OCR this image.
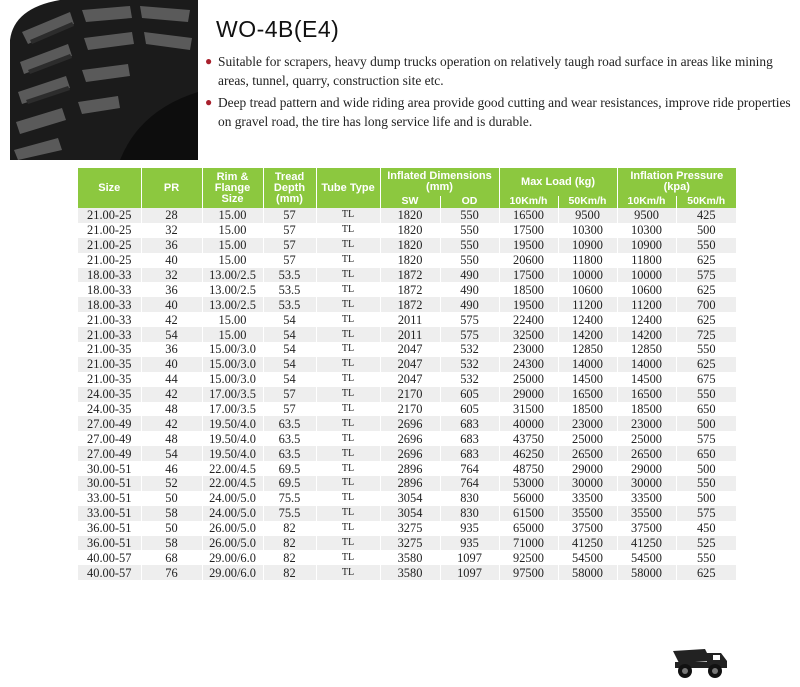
WO-4B(E4)
● Suitable for scrapers, heavy dump trucks operation on relatively taugh road surface in areas like mining areas, tunnel, quarry, construction site etc.
● Deep tread pattern and wide riding area provide good cutting and wear resistances, improve ride properties on gravel road, the tire has long service life and is durable.
Size	PR	Rim & Flange Size	Tread Depth (mm)	Tube Type	Inflated Dimensions (mm)		Max Load (kg)		Inflation Pressure (kpa)	
					SW	OD	10Km/h	50Km/h	10Km/h	50Km/h
21.00-25	28	15.00	57	TL	1820	550	16500	9500	9500	425
21.00-25	32	15.00	57	TL	1820	550	17500	10300	10300	500
21.00-25	36	15.00	57	TL	1820	550	19500	10900	10900	550
21.00-25	40	15.00	57	TL	1820	550	20600	11800	11800	625
18.00-33	32	13.00/2.5	53.5	TL	1872	490	17500	10000	10000	575
18.00-33	36	13.00/2.5	53.5	TL	1872	490	18500	10600	10600	625
18.00-33	40	13.00/2.5	53.5	TL	1872	490	19500	11200	11200	700
21.00-33	42	15.00	54	TL	2011	575	22400	12400	12400	625
21.00-33	54	15.00	54	TL	2011	575	32500	14200	14200	725
21.00-35	36	15.00/3.0	54	TL	2047	532	23000	12850	12850	550
21.00-35	40	15.00/3.0	54	TL	2047	532	24300	14000	14000	625
21.00-35	44	15.00/3.0	54	TL	2047	532	25000	14500	14500	675
24.00-35	42	17.00/3.5	57	TL	2170	605	29000	16500	16500	550
24.00-35	48	17.00/3.5	57	TL	2170	605	31500	18500	18500	650
27.00-49	42	19.50/4.0	63.5	TL	2696	683	40000	23000	23000	500
27.00-49	48	19.50/4.0	63.5	TL	2696	683	43750	25000	25000	575
27.00-49	54	19.50/4.0	63.5	TL	2696	683	46250	26500	26500	650
30.00-51	46	22.00/4.5	69.5	TL	2896	764	48750	29000	29000	500
30.00-51	52	22.00/4.5	69.5	TL	2896	764	53000	30000	30000	550
33.00-51	50	24.00/5.0	75.5	TL	3054	830	56000	33500	33500	500
33.00-51	58	24.00/5.0	75.5	TL	3054	830	61500	35500	35500	575
36.00-51	50	26.00/5.0	82	TL	3275	935	65000	37500	37500	450
36.00-51	58	26.00/5.0	82	TL	3275	935	71000	41250	41250	525
40.00-57	68	29.00/6.0	82	TL	3580	1097	92500	54500	54500	550
40.00-57	76	29.00/6.0	82	TL	3580	1097	97500	58000	58000	625
